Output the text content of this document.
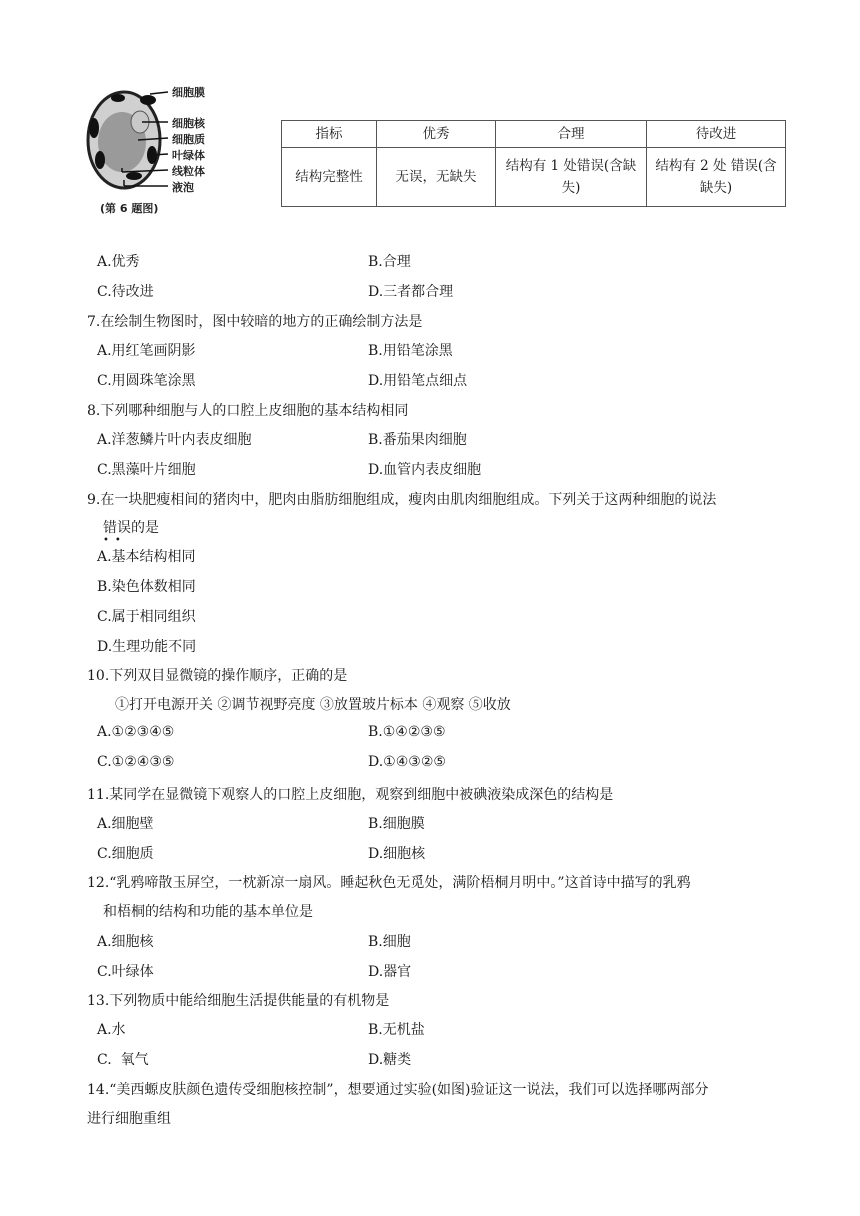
细胞膜
细胞核
细胞质
叶绿体
线粒体
液泡
(第 6 题图)
指标	优秀	合理	待改进
结构完整性	无误，无缺失	结构有 1 处错误(含缺失)	结构有 2 处 错误(含缺失)
A.优秀	B.合理
C.待改进	D.三者都合理
7.在绘制生物图时，图中较暗的地方的正确绘制方法是
A.用红笔画阴影	B.用铅笔涂黑
C.用圆珠笔涂黑	D.用铅笔点细点
8.下列哪种细胞与人的口腔上皮细胞的基本结构相同
A.洋葱鳞片叶内表皮细胞	B.番茄果肉细胞
C.黑藻叶片细胞	D.血管内表皮细胞
9.在一块肥瘦相间的猪肉中，肥肉由脂肪细胞组成，瘦肉由肌肉细胞组成。下列关于这两种细胞的说法
错误
••
的是
A.基本结构相同
B.染色体数相同
C.属于相同组织
D.生理功能不同
10.下列双目显微镜的操作顺序，正确的是
①打开电源开关 ②调节视野亮度 ③放置玻片标本 ④观察 ⑤收放
A.①②③④⑤	B.①④②③⑤
C.①②④③⑤	D.①④③②⑤
11.某同学在显微镜下观察人的口腔上皮细胞，观察到细胞中被碘液染成深色的结构是
A.细胞壁	B.细胞膜
C.细胞质	D.细胞核
12.“乳鸦啼散玉屏空，一枕新凉一扇风。睡起秋色无觅处，满阶梧桐月明中。”这首诗中描写的乳鸦
和梧桐的结构和功能的基本单位是
A.细胞核	B.细胞
C.叶绿体	D.器官
13.下列物质中能给细胞生活提供能量的有机物是
A.水	B.无机盐
C.  氧气	D.糖类
14.“美西螈皮肤颜色遗传受细胞核控制”，想要通过实验(如图)验证这一说法，我们可以选择哪两部分
进行细胞重组
